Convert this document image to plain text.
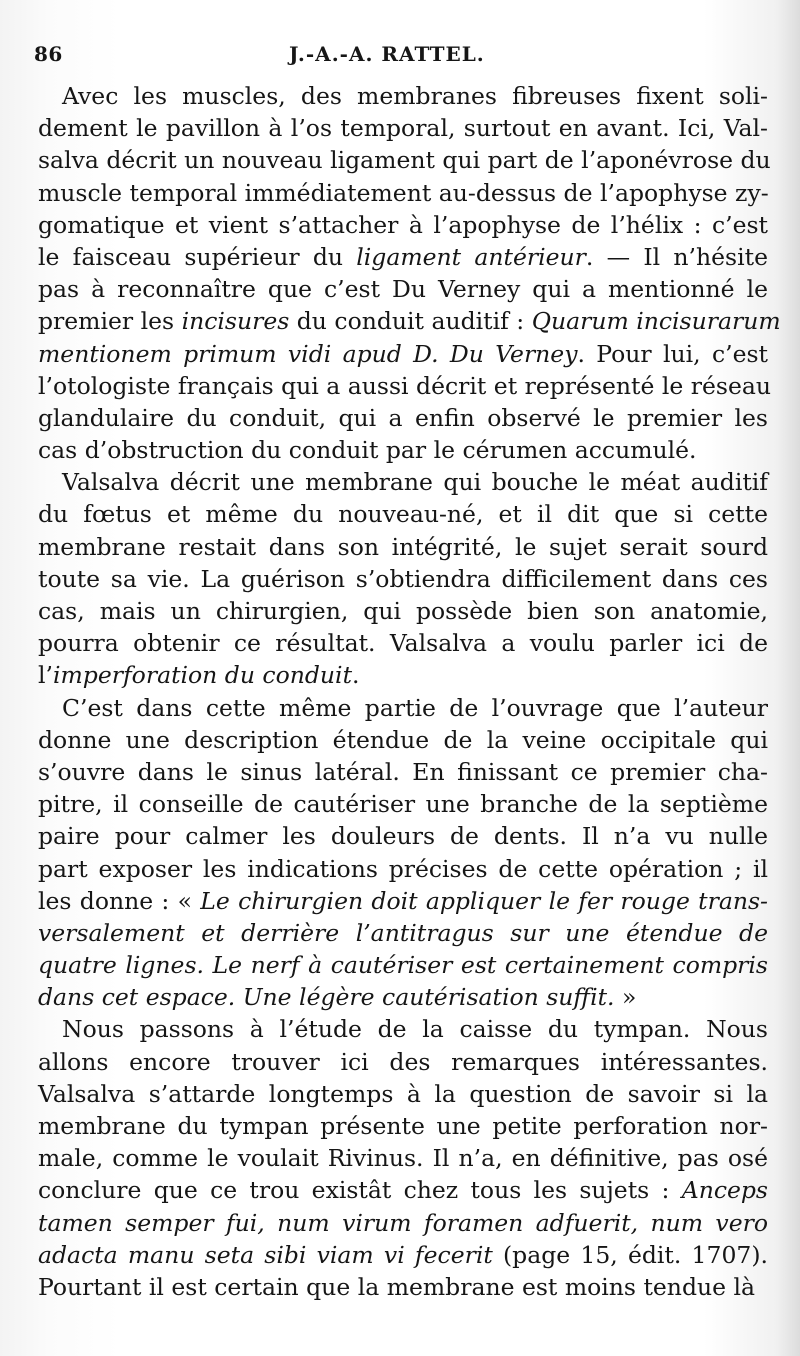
86	J.-A.-A. RATTEL.
Avec les muscles, des membranes fibreuses fixent soli-
dement le pavillon à l’os temporal, surtout en avant. Ici, Val-
salva décrit un nouveau ligament qui part de l’aponévrose du
muscle temporal immédiatement au-dessus de l’apophyse zy-
gomatique et vient s’attacher à l’apophyse de l’hélix : c’est
le faisceau supérieur du ligament antérieur. — Il n’hésite
pas à reconnaître que c’est Du Verney qui a mentionné le
premier les incisures du conduit auditif : Quarum incisurarum
mentionem primum vidi apud D. Du Verney. Pour lui, c’est
l’otologiste français qui a aussi décrit et représenté le réseau
glandulaire du conduit, qui a enfin observé le premier les
cas d’obstruction du conduit par le cérumen accumulé.
Valsalva décrit une membrane qui bouche le méat auditif
du fœtus et même du nouveau-né, et il dit que si cette
membrane restait dans son intégrité, le sujet serait sourd
toute sa vie. La guérison s’obtiendra difficilement dans ces
cas, mais un chirurgien, qui possède bien son anatomie,
pourra obtenir ce résultat. Valsalva a voulu parler ici de
l’imperforation du conduit.
C’est dans cette même partie de l’ouvrage que l’auteur
donne une description étendue de la veine occipitale qui
s’ouvre dans le sinus latéral. En finissant ce premier cha-
pitre, il conseille de cautériser une branche de la septième
paire pour calmer les douleurs de dents. Il n’a vu nulle
part exposer les indications précises de cette opération ; il
les donne : « Le chirurgien doit appliquer le fer rouge trans-
versalement et derrière l’antitragus sur une étendue de
quatre lignes. Le nerf à cautériser est certainement compris
dans cet espace. Une légère cautérisation suffit. »
Nous passons à l’étude de la caisse du tympan. Nous
allons encore trouver ici des remarques intéressantes.
Valsalva s’attarde longtemps à la question de savoir si la
membrane du tympan présente une petite perforation nor-
male, comme le voulait Rivinus. Il n’a, en définitive, pas osé
conclure que ce trou existât chez tous les sujets : Anceps
tamen semper fui, num virum foramen adfuerit, num vero
adacta manu seta sibi viam vi fecerit (page 15, édit. 1707).
Pourtant il est certain que la membrane est moins tendue là
